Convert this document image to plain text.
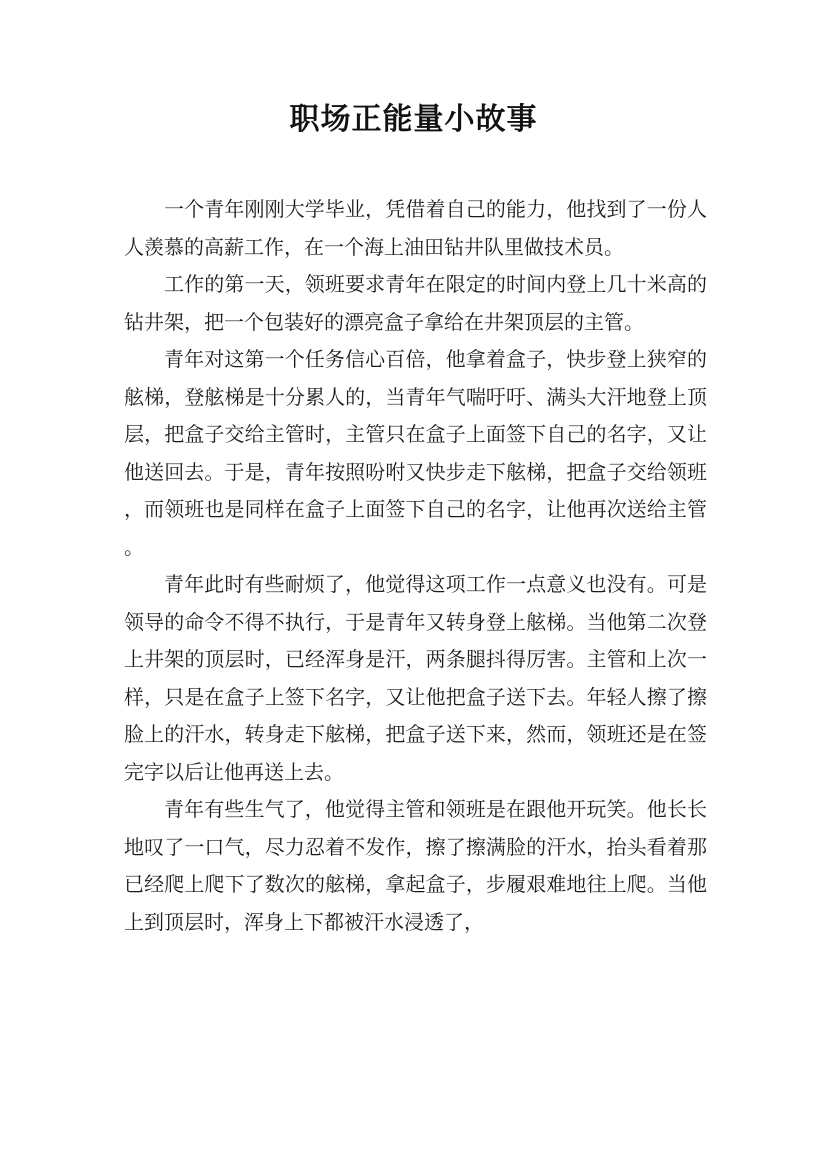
职场正能量小故事

一个青年刚刚大学毕业，凭借着自己的能力，他找到了一份人人羡慕的高薪工作，在一个海上油田钻井队里做技术员。

工作的第一天，领班要求青年在限定的时间内登上几十米高的钻井架，把一个包装好的漂亮盒子拿给在井架顶层的主管。

青年对这第一个任务信心百倍，他拿着盒子，快步登上狭窄的舷梯，登舷梯是十分累人的，当青年气喘吁吁、满头大汗地登上顶层，把盒子交给主管时，主管只在盒子上面签下自己的名字，又让他送回去。于是，青年按照吩咐又快步走下舷梯，把盒子交给领班，而领班也是同样在盒子上面签下自己的名字，让他再次送给主管。

青年此时有些耐烦了，他觉得这项工作一点意义也没有。可是领导的命令不得不执行，于是青年又转身登上舷梯。当他第二次登上井架的顶层时，已经浑身是汗，两条腿抖得厉害。主管和上次一样，只是在盒子上签下名字，又让他把盒子送下去。年轻人擦了擦脸上的汗水，转身走下舷梯，把盒子送下来，然而，领班还是在签完字以后让他再送上去。

青年有些生气了，他觉得主管和领班是在跟他开玩笑。他长长地叹了一口气，尽力忍着不发作，擦了擦满脸的汗水，抬头看着那已经爬上爬下了数次的舷梯，拿起盒子，步履艰难地往上爬。当他上到顶层时，浑身上下都被汗水浸透了，
